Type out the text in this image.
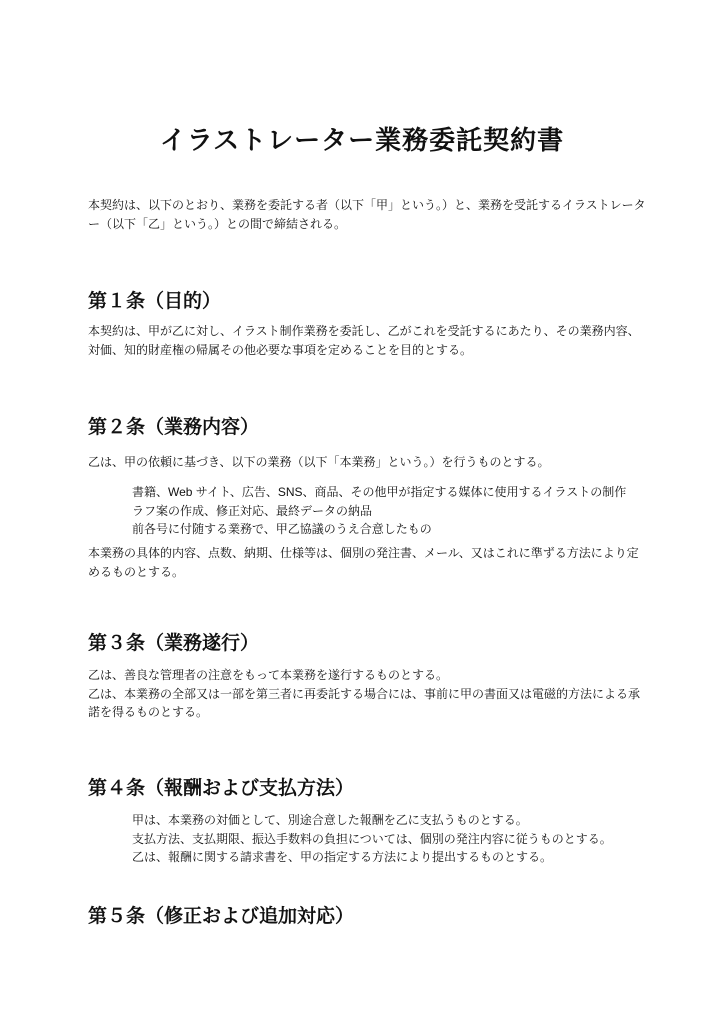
イラストレーター業務委託契約書
本契約は、以下のとおり、業務を委託する者（以下「甲」という。）と、業務を受託するイラストレーター（以下「乙」という。）との間で締結される。
第１条（目的）
本契約は、甲が乙に対し、イラスト制作業務を委託し、乙がこれを受託するにあたり、その業務内容、対価、知的財産権の帰属その他必要な事項を定めることを目的とする。
第２条（業務内容）
乙は、甲の依頼に基づき、以下の業務（以下「本業務」という。）を行うものとする。
書籍、Web サイト、広告、SNS、商品、その他甲が指定する媒体に使用するイラストの制作
ラフ案の作成、修正対応、最終データの納品
前各号に付随する業務で、甲乙協議のうえ合意したもの
本業務の具体的内容、点数、納期、仕様等は、個別の発注書、メール、又はこれに準ずる方法により定めるものとする。
第３条（業務遂行）
乙は、善良な管理者の注意をもって本業務を遂行するものとする。
乙は、本業務の全部又は一部を第三者に再委託する場合には、事前に甲の書面又は電磁的方法による承諾を得るものとする。
第４条（報酬および支払方法）
甲は、本業務の対価として、別途合意した報酬を乙に支払うものとする。
支払方法、支払期限、振込手数料の負担については、個別の発注内容に従うものとする。
乙は、報酬に関する請求書を、甲の指定する方法により提出するものとする。
第５条（修正および追加対応）
